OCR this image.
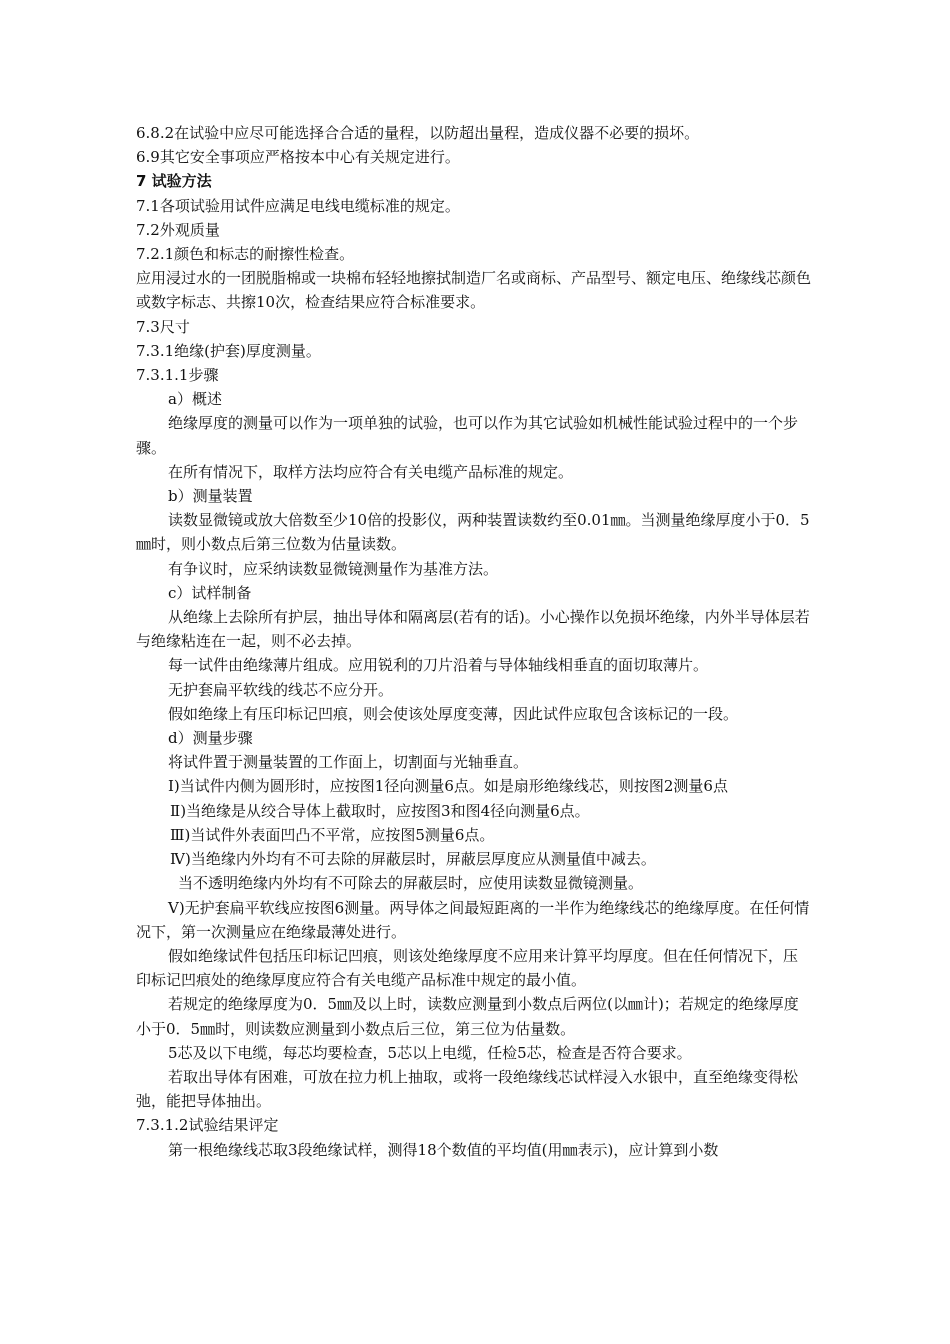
6.8.2在试验中应尽可能选择合合适的量程，以防超出量程，造成仪器不必要的损坏。

6.9其它安全事项应严格按本中心有关规定进行。

7 试验方法

7.1各项试验用试件应满足电线电缆标准的规定。

7.2外观质量

7.2.1颜色和标志的耐擦性检查。

应用浸过水的一团脱脂棉或一块棉布轻轻地擦拭制造厂名或商标、产品型号、额定电压、绝缘线芯颜色或数字标志、共擦10次，检查结果应符合标准要求。

7.3尺寸

7.3.1绝缘(护套)厚度测量。

7.3.1.1步骤

a）概述

绝缘厚度的测量可以作为一项单独的试验，也可以作为其它试验如机械性能试验过程中的一个步骤。

在所有情况下，取样方法均应符合有关电缆产品标准的规定。

b）测量装置

读数显微镜或放大倍数至少10倍的投影仪，两种装置读数约至0.01㎜。当测量绝缘厚度小于0．5㎜时，则小数点后第三位数为估量读数。

有争议时，应采纳读数显微镜测量作为基准方法。

c）试样制备

从绝缘上去除所有护层，抽出导体和隔离层(若有的话)。小心操作以免损坏绝缘，内外半导体层若与绝缘粘连在一起，则不必去掉。

每一试件由绝缘薄片组成。应用锐利的刀片沿着与导体轴线相垂直的面切取薄片。

无护套扁平软线的线芯不应分开。

假如绝缘上有压印标记凹痕，则会使该处厚度变薄，因此试件应取包含该标记的一段。

d）测量步骤

将试件置于测量装置的工作面上，切割面与光轴垂直。

Ⅰ)当试件内侧为圆形时，应按图1径向测量6点。如是扇形绝缘线芯，则按图2测量6点

Ⅱ)当绝缘是从绞合导体上截取时，应按图3和图4径向测量6点。

Ⅲ)当试件外表面凹凸不平常，应按图5测量6点。

Ⅳ)当绝缘内外均有不可去除的屏蔽层时，屏蔽层厚度应从测量值中减去。

当不透明绝缘内外均有不可除去的屏蔽层时，应使用读数显微镜测量。

Ⅴ)无护套扁平软线应按图6测量。两导体之间最短距离的一半作为绝缘线芯的绝缘厚度。在任何情况下，第一次测量应在绝缘最薄处进行。

假如绝缘试件包括压印标记凹痕，则该处绝缘厚度不应用来计算平均厚度。但在任何情况下，压印标记凹痕处的绝缘厚度应符合有关电缆产品标准中规定的最小值。

若规定的绝缘厚度为0．5㎜及以上时，读数应测量到小数点后两位(以㎜计)；若规定的绝缘厚度小于0．5㎜时，则读数应测量到小数点后三位，第三位为估量数。

5芯及以下电缆，每芯均要检查，5芯以上电缆，任检5芯，检查是否符合要求。

若取出导体有困难，可放在拉力机上抽取，或将一段绝缘线芯试样浸入水银中，直至绝缘变得松弛，能把导体抽出。

7.3.1.2试验结果评定

第一根绝缘线芯取3段绝缘试样，测得18个数值的平均值(用㎜表示)，应计算到小数
